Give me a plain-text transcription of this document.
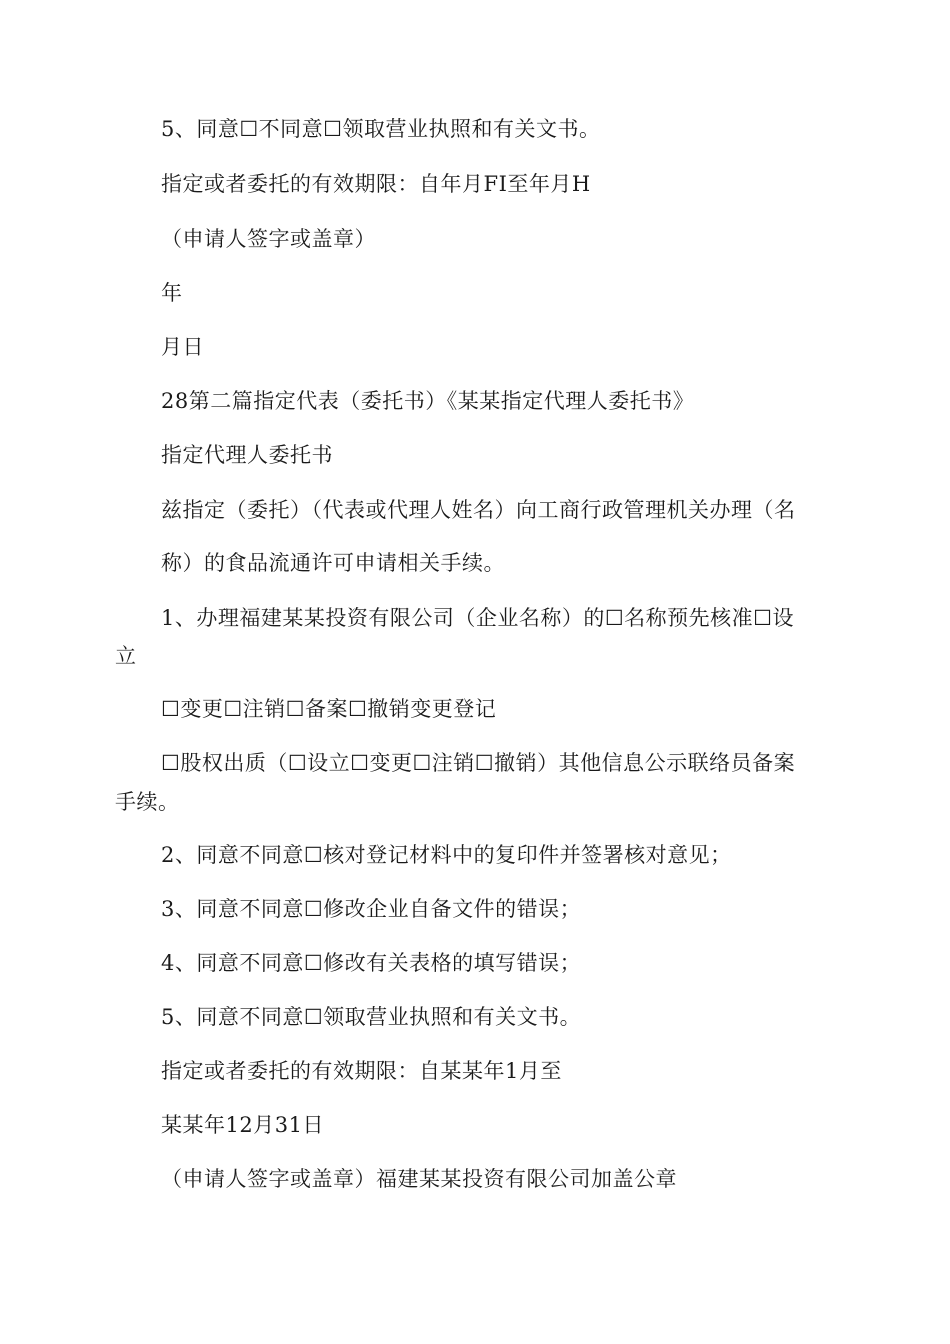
5、同意☐不同意☐领取营业执照和有关文书。
指定或者委托的有效期限：自年月FI至年月H
（申请人签字或盖章）
年
月日
28第二篇指定代表（委托书）《某某指定代理人委托书》
指定代理人委托书
兹指定（委托）（代表或代理人姓名）向工商行政管理机关办理（名
称）的食品流通许可申请相关手续。
1、办理福建某某投资有限公司（企业名称）的☐名称预先核准☐设
立
☐变更☐注销☐备案☐撤销变更登记
☐股权出质（☐设立☐变更☐注销☐撤销）其他信息公示联络员备案
手续。
2、同意不同意☐核对登记材料中的复印件并签署核对意见；
3、同意不同意☐修改企业自备文件的错误；
4、同意不同意☐修改有关表格的填写错误；
5、同意不同意☐领取营业执照和有关文书。
指定或者委托的有效期限：自某某年1月至
某某年12月31日
（申请人签字或盖章）福建某某投资有限公司加盖公章
